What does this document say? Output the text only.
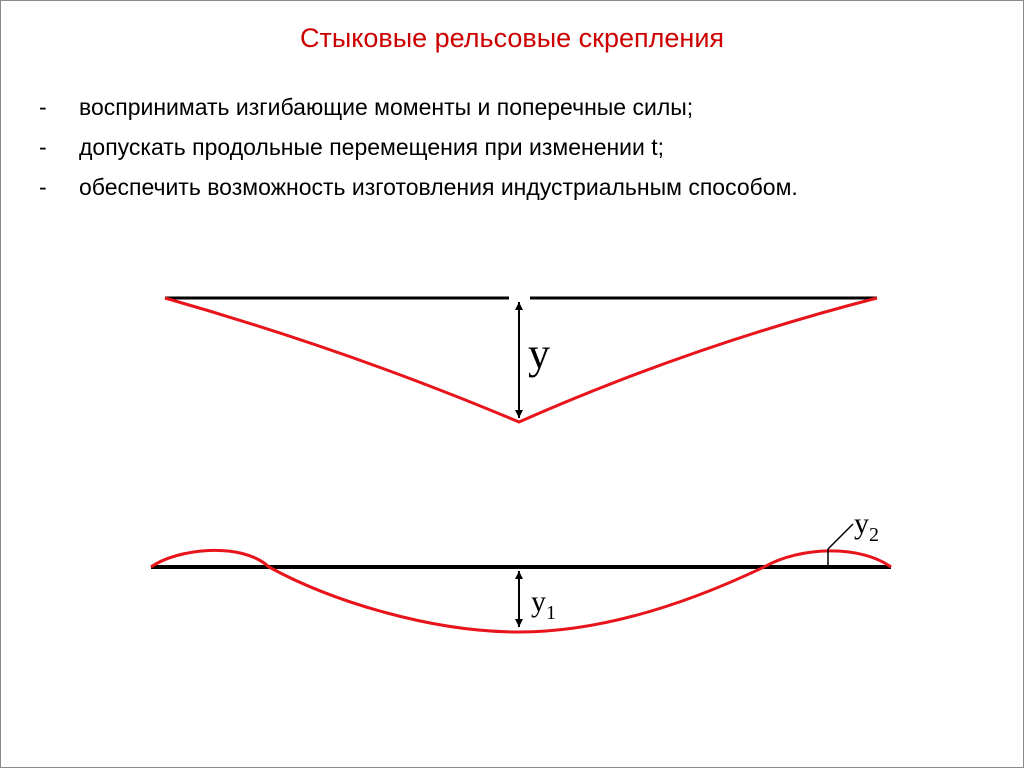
Стыковые рельсовые скрепления
- воспринимать изгибающие моменты и поперечные силы;
- допускать продольные перемещения при изменении t;
- обеспечить возможность изготовления индустриальным способом.
y
$y_1$
$y_2$
